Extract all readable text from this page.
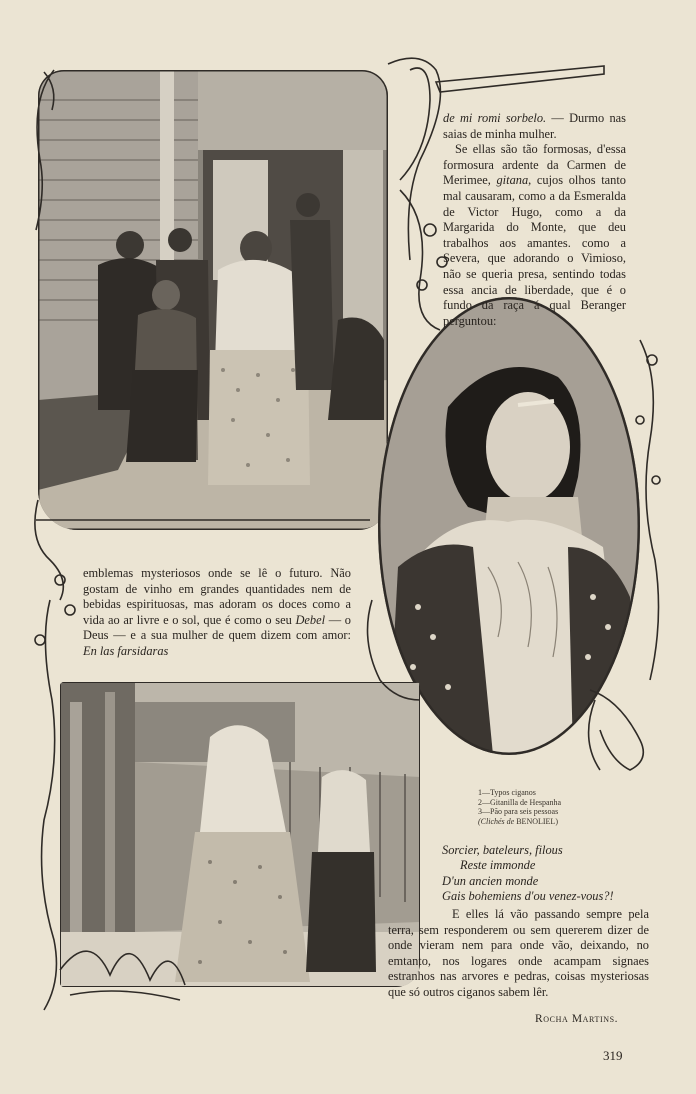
de mi romi sorbelo. — Durmo nas saias de minha mulher.

Se ellas são tão formosas, d'essa formosura ardente da Carmen de Merimee, gitana, cujos olhos tanto mal causaram, como a da Esmeralda de Victor Hugo, como a da Margarida do Monte, que deu trabalhos aos amantes. como a Severa, que adorando o Vimioso, não se queria presa, sentindo todas essa ancia de liberdade, que é o fundo da raça á qual Beranger perguntou:

emblemas mysteriosos onde se lê o futuro. Não gostam de vinho em grandes quantidades nem de bebidas espirituosas, mas adoram os doces como a vida ao ar livre e o sol, que é como o seu Debel — o Deus — e a sua mulher de quem dizem com amor: En las farsidaras

1—Typos ciganos
2—Gitanilla de Hespanha
3—Pão para seis pessoas
(Clichés de BENOLIEL)
Sorcier, bateleurs, filous
Reste immonde
D'un ancien monde
Gais bohemiens d'ou venez-vous?!

E elles lá vão passando sempre pela terra, sem responderem ou sem quererem dizer de onde vieram nem para onde vão, deixando, no emtanto, nos logares onde acampam signaes estranhos nas arvores e pedras, coisas mysteriosas que só outros ciganos sabem lêr.

Rocha Martins.
319
